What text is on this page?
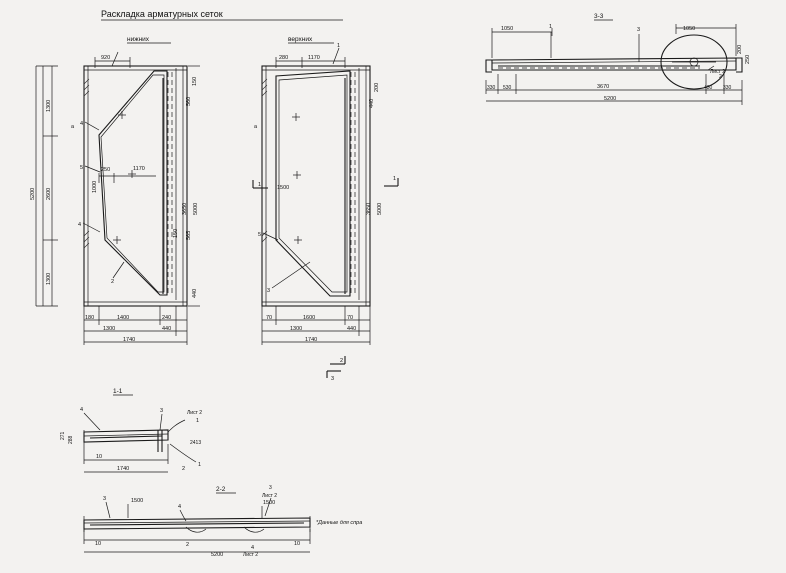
Раскладка арматурных сеток
нижних
4
5
4
2
a
920
1300
2600
1300
5200
250	1170
1000
560
150
565
150
5000
3650
440
180	1400	240
1300	440
1740
верхних
a
5
3
280	1170
1
1	1500
1
440
5000
3650
200
70	1600	70
1300	440
1740
2
3
3-3
1050	1050
1	3
200
250
330 530	3670	430 330
5200
2
Лист 2
1-1
4	3	Лист 2
1
2413
1
2
271 288
10
1740
2-2	3
Лист 2
3	1500	1500
4
2	4
Лист 2
10	10
5200
*Данные для спра
